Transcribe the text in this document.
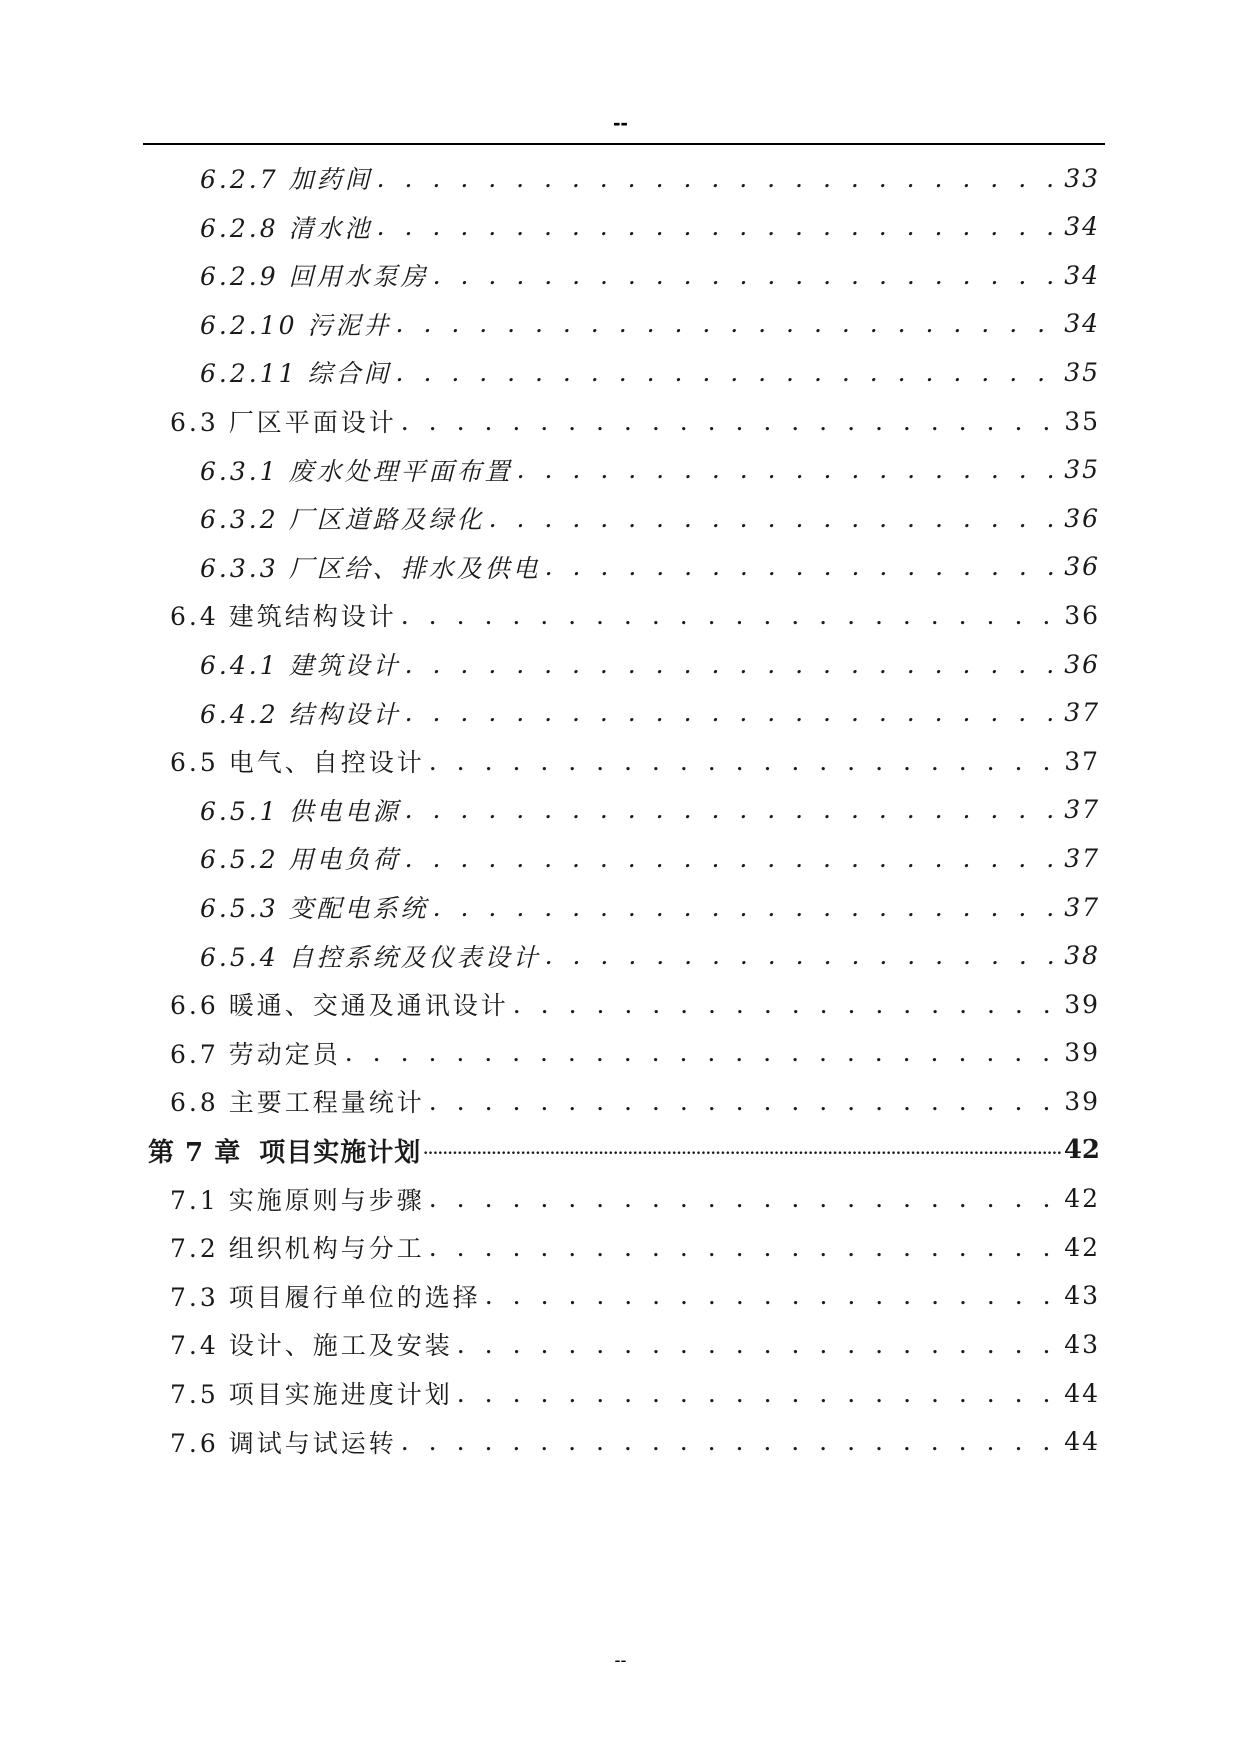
--
6.2.7 加药间 . . .	33
6.2.8 清水池 . . .	34
6.2.9 回用水泵房 . . .	34
6.2.10 污泥井 . . .	34
6.2.11 综合间 . . .	35
6.3 厂区平面设计 . . .	35
6.3.1 废水处理平面布置 . . .	35
6.3.2 厂区道路及绿化 . . .	36
6.3.3 厂区给、排水及供电 . . .	36
6.4 建筑结构设计 . . .	36
6.4.1 建筑设计 . . .	36
6.4.2 结构设计 . . .	37
6.5 电气、自控设计 . . .	37
6.5.1 供电电源 . . .	37
6.5.2 用电负荷 . . .	37
6.5.3 变配电系统 . . .	37
6.5.4 自控系统及仪表设计 . . .	38
6.6 暖通、交通及通讯设计 . . .	39
6.7 劳动定员 . . .	39
6.8 主要工程量统计 . . .	39
第 7 章 项目实施计划 .....	42
7.1 实施原则与步骤 . . .	42
7.2 组织机构与分工 . . .	42
7.3 项目履行单位的选择 . . .	43
7.4 设计、施工及安装 . . .	43
7.5 项目实施进度计划 . . .	44
7.6 调试与试运转 . . .	44
--
